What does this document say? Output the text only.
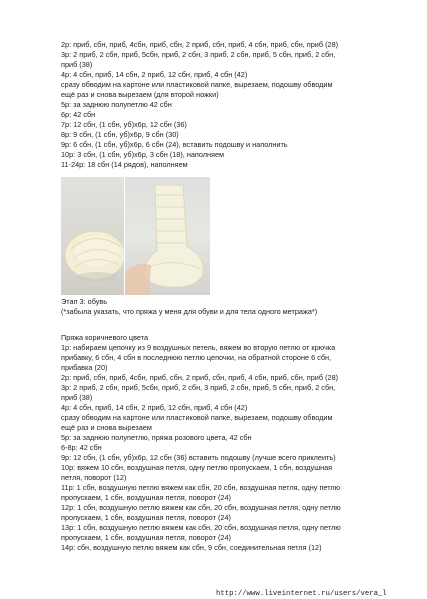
2р: приб, сбн, приб, 4сбн, приб, сбн, 2 приб, сбн, приб, 4 сбн, приб, сбн, приб (28)

3р: 2 приб, 2 сбн, приб, 5сбн, приб, 2 сбн, 3 приб, 2 сбн, приб, 5 сбн, приб, 2 сбн,

приб (38)

4р: 4 сбн, приб, 14 сбн, 2 приб, 12 сбн, приб, 4 сбн (42)

сразу обводим на картоне или пластиковой папке, вырезаем, подошву обводим

ещё раз и снова вырезаем (для второй ножки)

5р: за заднюю полупетлю 42 сбн

6р: 42 сбн

7р: 12 сбн, (1 сбн, уб)х6р, 12 сбн (36)

8р: 9 сбн, (1 сбн, уб)х6р, 9 сбн (30)

9р: 6 сбн, (1 сбн, уб)х6р, 6 сбн (24), вставить подошву и наполнить

10р: 3 сбн, (1 сбн, уб)х6р, 3 сбн (18), наполняем

11-24р: 18 сбн (14 рядов), наполняем

Этап 3: обувь

(*забыла указать, что пряжа у меня для обуви и для тела одного метража*)

Пряжа коричневого цвета

1р: набираем цепочку из 9 воздушных петель, вяжем во вторую петлю от крючка

прибавку, 6 сбн, 4 сбн в последнюю петлю цепочки, на обратной стороне 6 сбн,

прибавка (20)

2р: приб, сбн, приб, 4сбн, приб, сбн, 2 приб, сбн, приб, 4 сбн, приб, сбн, приб (28)

3р: 2 приб, 2 сбн, приб, 5сбн, приб, 2 сбн, 3 приб, 2 сбн, приб, 5 сбн, приб, 2 сбн,

приб (38)

4р: 4 сбн, приб, 14 сбн, 2 приб, 12 сбн, приб, 4 сбн (42)

сразу обводим на картоне или пластиковой папке, вырезаем, подошву обводим

ещё раз и снова вырезаем

5р: за заднюю полупетлю, пряжа розового цвета, 42 сбн

6-8р: 42 сбн

9р: 12 сбн, (1 сбн, уб)х6р, 12 сбн (36) вставить подошву (лучше всего приклеить)

10р: вяжем 10 сбн, воздушная петля, одну петлю пропускаем, 1 сбн, воздушная

петля, поворот (12)

11р: 1 сбн, воздушную петлю вяжем как сбн, 20 сбн, воздушная петля, одну петлю

пропускаем, 1 сбн, воздушная петля, поворот (24)

12р: 1 сбн, воздушную петлю вяжем как сбн, 20 сбн, воздушная петля, одну петлю

пропускаем, 1 сбн, воздушная петля, поворот (24)

13р: 1 сбн, воздушную петлю вяжем как сбн, 20 сбн, воздушная петля, одну петлю

пропускаем, 1 сбн, воздушная петля, поворот (24)

14р: сбн, воздушную петлю вяжем как сбн, 9 сбн, соединительная петля (12)

http://www.liveinternet.ru/users/vera_l
